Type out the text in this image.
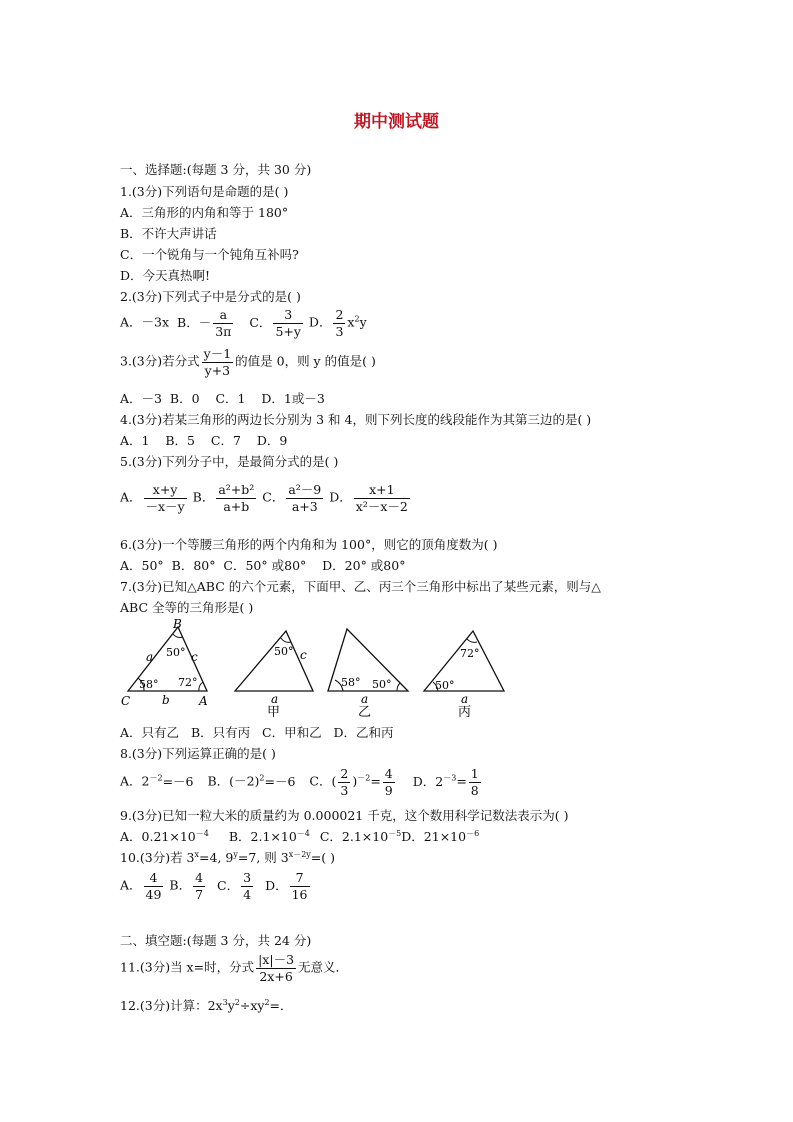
期中测试题
一、选择题:(每题 3 分，共 30 分)
1.(3分)下列语句是命题的是( )
A．三角形的内角和等于 180°
B．不许大声讲话
C．一个锐角与一个钝角互补吗?
D．今天真热啊!
2.(3分)下列式子中是分式的是( )
A．－3x B．－ $\frac{a}{3\pi}$ C． $\frac{3}{5+y}$ D． $\frac{2}{3} x^2y$
3.(3分)若分式 $\frac{y-1}{y+3}$ 的值是 0，则 y 的值是( )
A．－3  B．0    C．1    D．1或－3
4.(3分)若某三角形的两边长分别为 3 和 4，则下列长度的线段能作为其第三边的是( )
A．1    B．5    C．7    D．9
5.(3分)下列分子中，是最简分式的是( )
A． $\frac{x+y}{-x-y}$ B． $\frac{\text{a²+b²}}{a+b}$ C． $\frac{\text{a²－9}}{a+3}$ D． $\frac{x+1}{\text{x²－x－2}}$
6.(3分)一个等腰三角形的两个内角和为 100°，则它的顶角度数为( )
A．50°  B．80°  C．50° 或80°    D．20° 或80°
7.(3分)已知△ABC 的六个元素，下面甲、乙、丙三个三角形中标出了某些元素，则与△
ABC 全等的三角形是( )
B
C	A
a
b
c
50°
58° 72°
50° c
a
甲
58° 50°
a
乙
72°
50°
a
丙
A．只有乙   B．只有丙   C．甲和乙   D．乙和丙
8.(3分)下列运算正确的是( )
A．$2^{-2}=-6$ B．$(-2)^2=-6$ C．( $\frac{2}{3} )^{-2}= \frac{4}{9}$ D．$2^{-3}= \frac{1}{8}$
9.(3分)已知一粒大米的质量约为 0.000021 千克，这个数用科学记数法表示为( )
A．$0.21\times 10^{-4}$ B．$2.1\times 10^{-4}$ C．$2.1\times 10^{-5}D$．$21\times 10^{-6}$
10.(3分)若 $3^x=4$, $9^y=7$, 则 $3^{x-2y}=$( )
A． $\frac{4}{49}$ B． $\frac{4}{7}$ C． $\frac{3}{4}$ D． $\frac{7}{16}$
二、填空题:(每题 3 分，共 24 分)
11.(3分)当 x=时，分式 $\frac{|x|-3}{2x+6}$ 无意义．
12.(3分)计算：$2x^3y^2\div xy^2=$．
